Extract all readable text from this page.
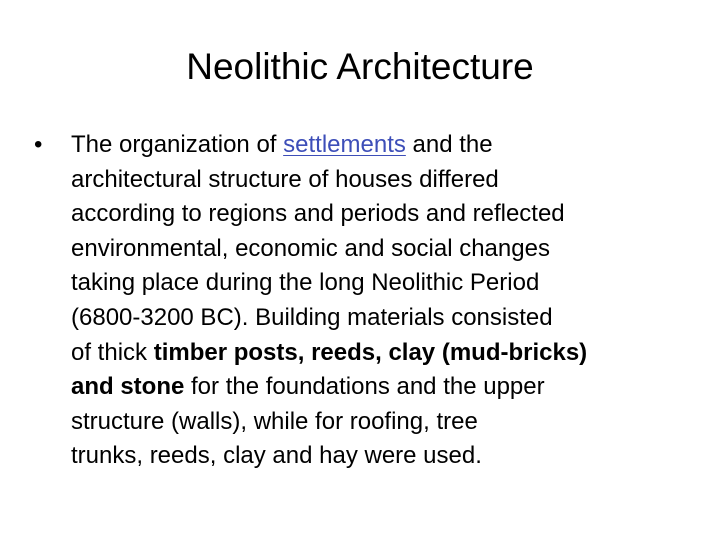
Neolithic Architecture
•	The organization of settlements and the
architectural structure of houses differed
according to regions and periods and reflected
environmental, economic and social changes
taking place during the long Neolithic Period
(6800-3200 BC). Building materials consisted
of thick timber posts, reeds, clay (mud-bricks)
and stone for the foundations and the upper
structure (walls), while for roofing, tree
trunks, reeds, clay and hay were used.
